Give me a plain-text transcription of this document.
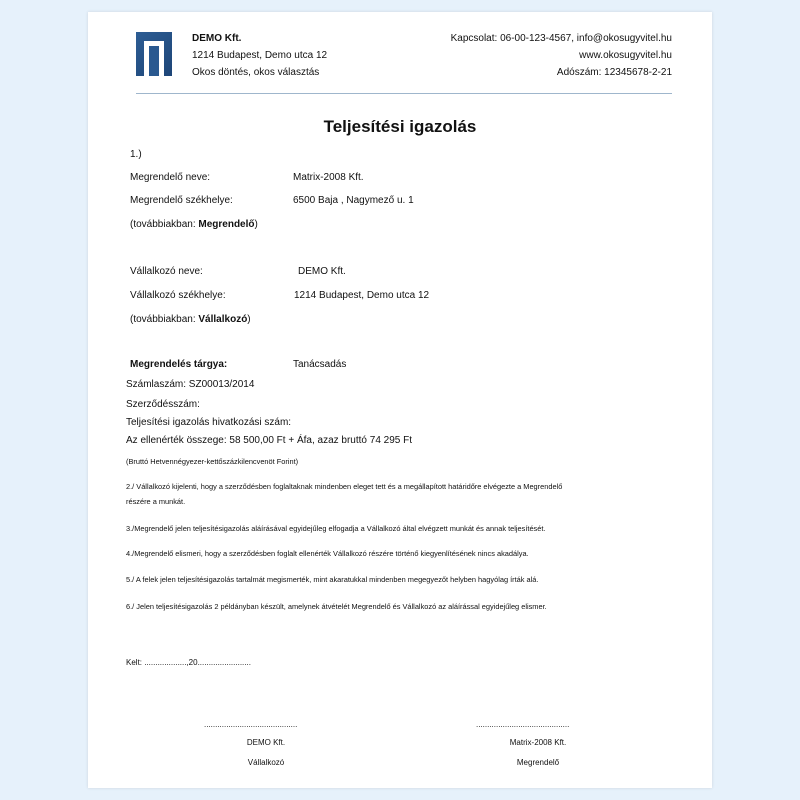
DEMO Kft.
1214 Budapest, Demo utca 12
Okos döntés, okos választás
Kapcsolat: 06-00-123-4567, info@okosugyvitel.hu
www.okosugyvitel.hu
Adószám: 12345678-2-21
Teljesítési igazolás
1.)
Megrendelő neve:	Matrix-2008 Kft.
Megrendelő székhelye:	6500 Baja , Nagymező u. 1
(továbbiakban: Megrendelő)
Vállalkozó neve:	DEMO Kft.
Vállalkozó székhelye:	1214 Budapest, Demo utca 12
(továbbiakban: Vállalkozó)
Megrendelés tárgya:	Tanácsadás
Számlaszám: SZ00013/2014
Szerződésszám:
Teljesítési igazolás hivatkozási szám:
Az ellenérték összege: 58 500,00 Ft + Áfa, azaz bruttó 74 295 Ft
(Bruttó Hetvennégyezer-kettőszázkilencvenöt Forint)
2./ Vállalkozó kijelenti, hogy a szerződésben foglaltaknak mindenben eleget tett és a megállapított határidőre elvégezte a Megrendelő
részére a munkát.
3./Megrendelő jelen teljesítésigazolás aláírásával egyidejűleg elfogadja a Vállalkozó által elvégzett munkát és annak teljesítését.
4./Megrendelő elismeri, hogy a szerződésben foglalt ellenérték Vállalkozó részére történő kiegyenlítésének nincs akadálya.
5./ A felek jelen teljesítésigazolás tartalmát megismerték, mint akaratukkal mindenben megegyezőt helyben hagyólag írták alá.
6./ Jelen teljesítésigazolás 2 példányban készült, amelynek átvételét Megrendelő és Vállalkozó az aláírással egyidejűleg elismer.
Kelt: ...................,20........................
..........................................
DEMO Kft.
Vállalkozó
..........................................
Matrix-2008 Kft.
Megrendelő
